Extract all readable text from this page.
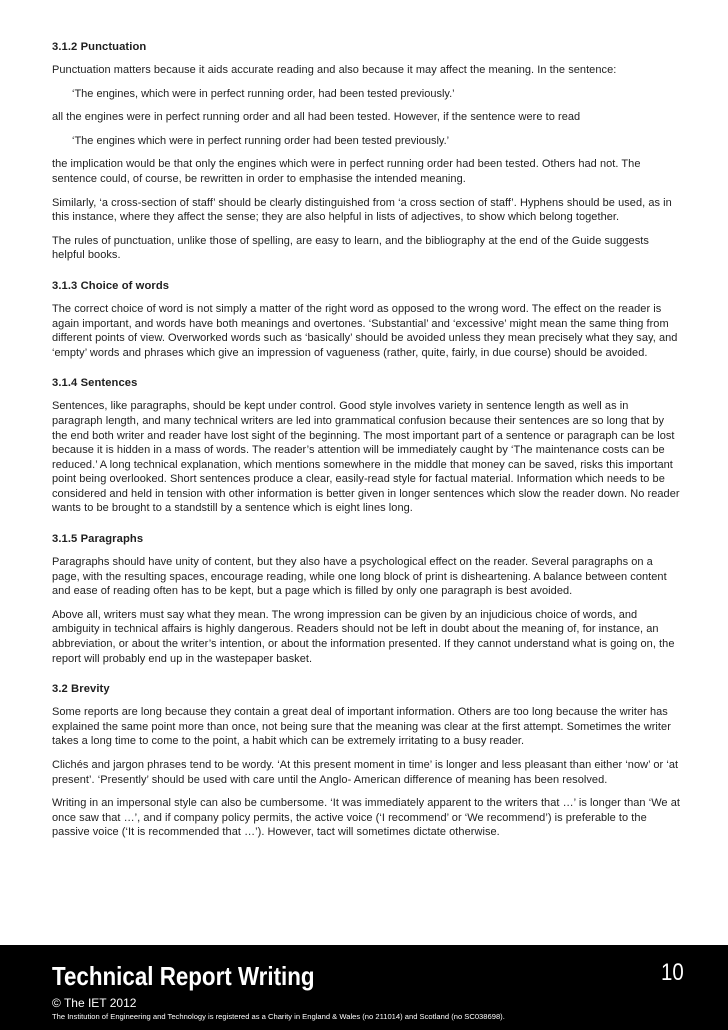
3.1.2 Punctuation
Punctuation matters because it aids accurate reading and also because it may affect the meaning. In the sentence:
‘The engines, which were in perfect running order, had been tested previously.’
all the engines were in perfect running order and all had been tested. However, if the sentence were to read
‘The engines which were in perfect running order had been tested previously.’
the implication would be that only the engines which were in perfect running order had been tested. Others had not. The sentence could, of course, be rewritten in order to emphasise the intended meaning.
Similarly, ‘a cross-section of staff’ should be clearly distinguished from ‘a cross section of staff’. Hyphens should be used, as in this instance, where they affect the sense; they are also helpful in lists of adjectives, to show which belong together.
The rules of punctuation, unlike those of spelling, are easy to learn, and the bibliography at the end of the Guide suggests helpful books.
3.1.3 Choice of words
The correct choice of word is not simply a matter of the right word as opposed to the wrong word. The effect on the reader is again important, and words have both meanings and overtones. ‘Substantial’ and ‘excessive’ might mean the same thing from different points of view. Overworked words such as ‘basically’ should be avoided unless they mean precisely what they say, and ‘empty’ words and phrases which give an impression of vagueness (rather, quite, fairly, in due course) should be avoided.
3.1.4 Sentences
Sentences, like paragraphs, should be kept under control. Good style involves variety in sentence length as well as in paragraph length, and many technical writers are led into grammatical confusion because their sentences are so long that by the end both writer and reader have lost sight of the beginning. The most important part of a sentence or paragraph can be lost because it is hidden in a mass of words. The reader’s attention will be immediately caught by ‘The maintenance costs can be reduced.’ A long technical explanation, which mentions somewhere in the middle that money can be saved, risks this important point being overlooked. Short sentences produce a clear, easily-read style for factual material. Information which needs to be considered and held in tension with other information is better given in longer sentences which slow the reader down. No reader wants to be brought to a standstill by a sentence which is eight lines long.
3.1.5 Paragraphs
Paragraphs should have unity of content, but they also have a psychological effect on the reader. Several paragraphs on a page, with the resulting spaces, encourage reading, while one long block of print is disheartening. A balance between content and ease of reading often has to be kept, but a page which is filled by only one paragraph is best avoided.
Above all, writers must say what they mean. The wrong impression can be given by an injudicious choice of words, and ambiguity in technical affairs is highly dangerous. Readers should not be left in doubt about the meaning of, for instance, an abbreviation, or about the writer’s intention, or about the information presented. If they cannot understand what is going on, the report will probably end up in the wastepaper basket.
3.2 Brevity
Some reports are long because they contain a great deal of important information. Others are too long because the writer has explained the same point more than once, not being sure that the meaning was clear at the first attempt. Sometimes the writer takes a long time to come to the point, a habit which can be extremely irritating to a busy reader.
Clichés and jargon phrases tend to be wordy. ‘At this present moment in time’ is longer and less pleasant than either ‘now’ or ‘at present’. ‘Presently’ should be used with care until the Anglo- American difference of meaning has been resolved.
Writing in an impersonal style can also be cumbersome. ‘It was immediately apparent to the writers that …’ is longer than ‘We at once saw that …’, and if company policy permits, the active voice (‘I recommend’ or ‘We recommend’) is preferable to the passive voice (‘It is recommended that …’). However, tact will sometimes dictate otherwise.
Technical Report Writing	10
© The IET 2012
The Institution of Engineering and Technology is registered as a Charity in England & Wales (no 211014) and Scotland (no SC038698).
